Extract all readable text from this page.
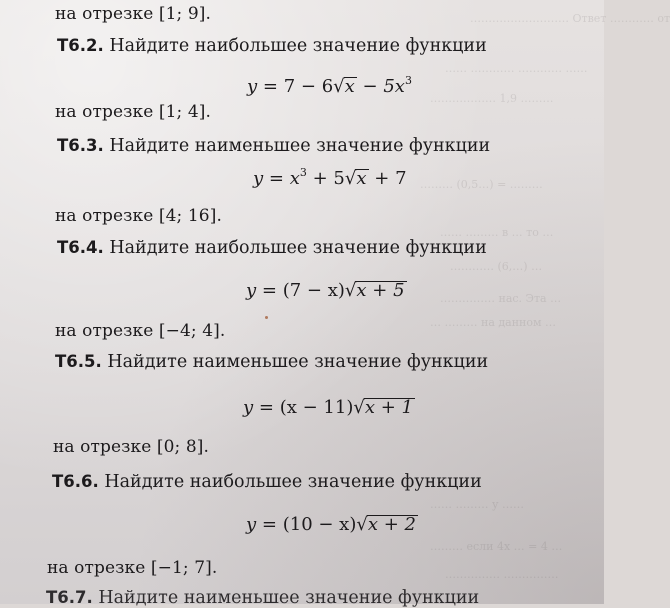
……………………… Ответ ………… от
…… ………… ………… ……
……………… 1,9 ………
……… (0,5…) = ………
…… ……… в … то …
………… (6,…) …
…………… нас. Эта …
… ……… на данном …
…… ……… у ……
……… если 4х … = 4 …
…………… ……………
на отрезке [1; 9].
Т6.2. Найдите наибольшее значение функции
$y = 7 - 6√x - 5x^3$
на отрезке [1; 4].
Т6.3. Найдите наименьшее значение функции
$y = x^3 + 5√x + 7$
на отрезке [4; 16].
Т6.4. Найдите наибольшее значение функции
y = (7 − x)√x + 5
на отрезке [−4; 4].
Т6.5. Найдите наименьшее значение функции
y = (x − 11)√x + 1
на отрезке [0; 8].
Т6.6. Найдите наибольшее значение функции
y = (10 − x)√x + 2
на отрезке [−1; 7].
Т6.7. Найдите наименьшее значение функции
